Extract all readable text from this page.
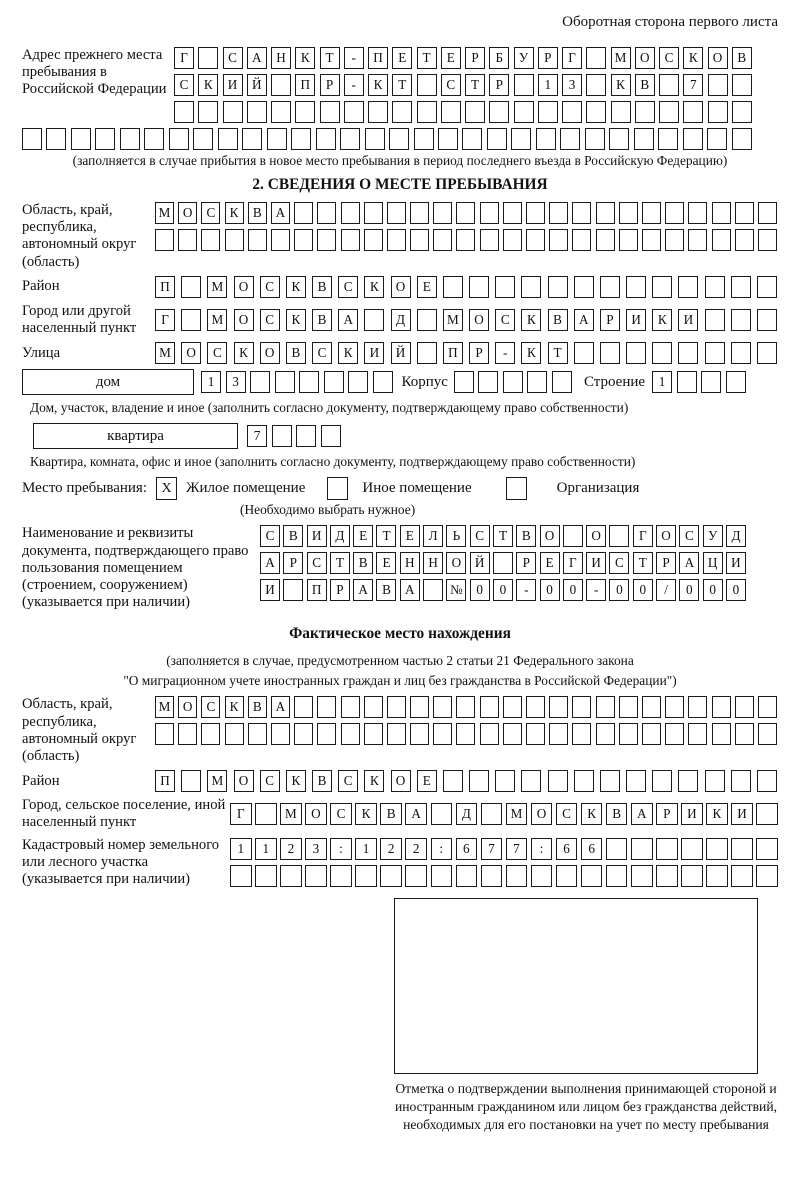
Оборотная сторона первого листа
Адрес прежнего места пребывания в Российской Федерации
Г	С	А	Н	К	Т	-	П	Е	Т	Е	Р	Б	У	Р	Г	М	О	С	К	О	В
С	К	И	Й	П	Р	-	К	Т	С	Т	Р	1	3	К	В	7
(заполняется в случае прибытия в новое место пребывания в период последнего въезда в Российскую Федерацию)
2. СВЕДЕНИЯ О МЕСТЕ ПРЕБЫВАНИЯ
Область, край, республика, автономный округ (область)
М О	С	К	В	А
Район	П	М	О	С	К	В	С	К	О	Е
Город или другой населенный пункт
Г	М	О	С	К	В	А	Д	М	О	С	К	В	А	Р	И	К	И
Улица	М	О	С	К	О	В	С	К	И	Й	П	Р	-	К	Т
дом	1	3	Корпус	Строение	1
Дом, участок, владение и иное (заполнить согласно документу, подтверждающему право собственности)
квартира	7
Квартира, комната, офис и иное (заполнить согласно документу, подтверждающему право собственности)
Место пребывания:	X Жилое помещение	Иное помещение	Организация
(Необходимо выбрать нужное)
Наименование и реквизиты документа, подтверждающего право пользования помещением (строением, сооружением) (указывается при наличии)
С	В	И	Д	Е	Т	Е	Л	Ь	С	Т	В	О	О	Г	О	С	У	Д
А	Р	С	Т	В	Е	Н	Н	О	Й	Р	Е	Г	И	С	Т	Р	А	Ц	И
И	П	Р	А	В	А	№	0	0	-	0	0	-	0	0	/	0	0	0
Фактическое место нахождения
(заполняется в случае, предусмотренном частью 2 статьи 21 Федерального закона
"О миграционном учете иностранных граждан и лиц без гражданства в Российской Федерации")
Область, край, республика, автономный округ (область)
М О	С	К	В	А
Район	П	М	О	С	К	В	С	К	О	Е
Город, сельское поселение, иной населенный пункт
Г	М	О	С	К	В	А	Д	М	О	С	К	В	А	Р	И	К	И
Кадастровый номер земельного или лесного участка (указывается при наличии)
1	1	2	3	:	1	2	2	:	6	7	7	:	6	6
Отметка о подтверждении выполнения принимающей стороной и иностранным гражданином или лицом без гражданства действий, необходимых для его постановки на учет по месту пребывания
